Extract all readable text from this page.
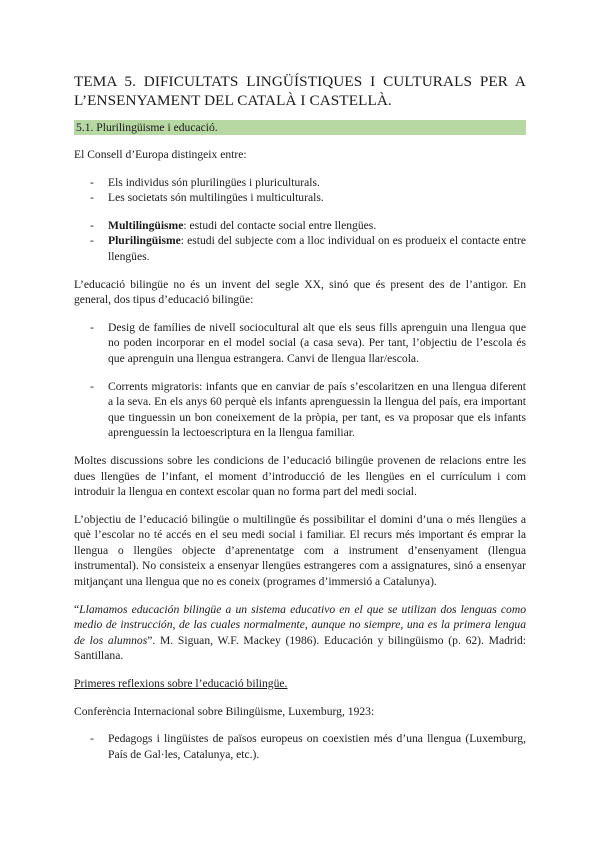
TEMA 5. DIFICULTATS LINGÜÍSTIQUES I CULTURALS PER A L’ENSENYAMENT DEL CATALÀ I CASTELLÀ.
5.1. Plurilingüisme i educació.

El Consell d’Europa distingeix entre:

- Els individus són plurilingües i pluriculturals.
- Les societats són multilingües i multiculturals.
- Multilingüisme: estudi del contacte social entre llengües.
- Plurilingüisme: estudi del subjecte com a lloc individual on es produeix el contacte entre llengües.

L’educació bilingüe no és un invent del segle XX, sinó que és present des de l’antigor. En general, dos tipus d’educació bilingüe:

- Desig de famílies de nivell sociocultural alt que els seus fills aprenguin una llengua que no poden incorporar en el model social (a casa seva). Per tant, l’objectiu de l’escola és que aprenguin una llengua estrangera. Canvi de llengua llar/escola.
- Corrents migratoris: infants que en canviar de país s’escolaritzen en una llengua diferent a la seva. En els anys 60 perquè els infants aprenguessin la llengua del país, era important que tinguessin un bon coneixement de la pròpia, per tant, es va proposar que els infants aprenguessin la lectoescriptura en la llengua familiar.

Moltes discussions sobre les condicions de l’educació bilingüe provenen de relacions entre les dues llengües de l’infant, el moment d’introducció de les llengües en el currículum i com introduir la llengua en context escolar quan no forma part del medi social.

L’objectiu de l’educació bilingüe o multilingüe és possibilitar el domini d’una o més llengües a què l’escolar no té accés en el seu medi social i familiar. El recurs més important és emprar la llengua o llengües objecte d’aprenentatge com a instrument d’ensenyament (llengua instrumental). No consisteix a ensenyar llengües estrangeres com a assignatures, sinó a ensenyar mitjançant una llengua que no es coneix (programes d’immersió a Catalunya).

“Llamamos educación bilingüe a un sistema educativo en el que se utilizan dos lenguas como medio de instrucción, de las cuales normalmente, aunque no siempre, una es la primera lengua de los alumnos”. M. Siguan, W.F. Mackey (1986). Educación y bilingüismo (p. 62). Madrid: Santillana.

Primeres reflexions sobre l’educació bilingüe.

Conferència Internacional sobre Bilingüisme, Luxemburg, 1923:

- Pedagogs i lingüistes de països europeus on coexistien més d’una llengua (Luxemburg, País de Gal·les, Catalunya, etc.).
